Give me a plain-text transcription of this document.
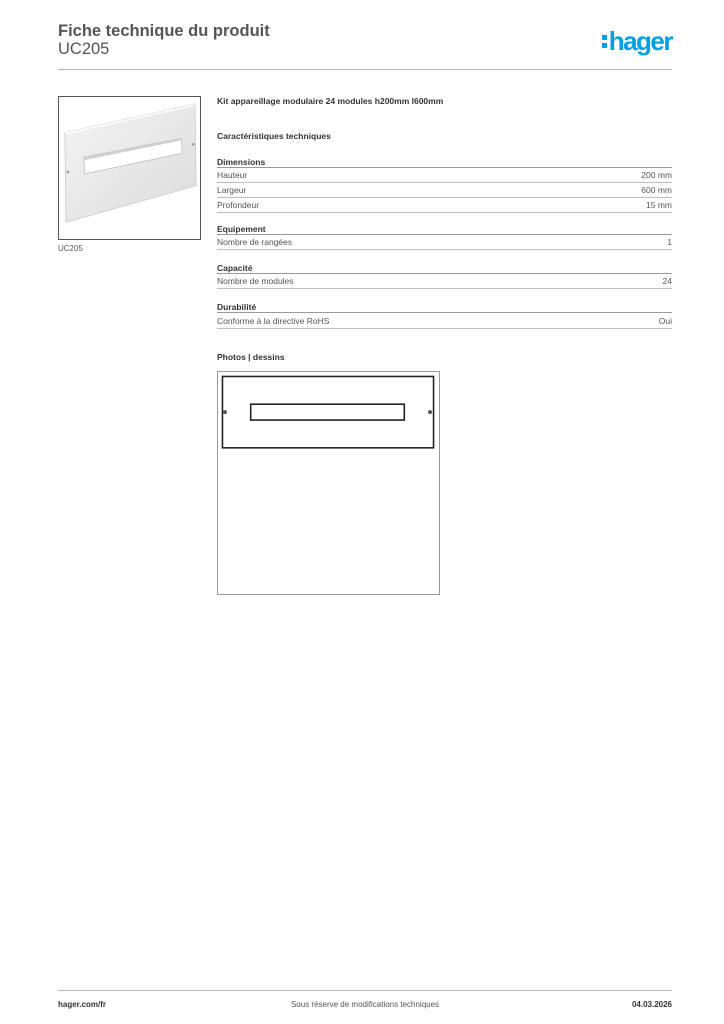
Fiche technique du produit
UC205	hager
UC205
Kit appareillage modulaire 24 modules h200mm l600mm
Caractéristiques techniques
Dimensions
Hauteur	200 mm
Largeur	600 mm
Profondeur	15 mm
Equipement
Nombre de rangées	1
Capacité
Nombre de modules	24
Durabilité
Conforme à la directive RoHS	Oui
Photos | dessins
hager.com/fr	Sous réserve de modifications techniques	04.03.2026
